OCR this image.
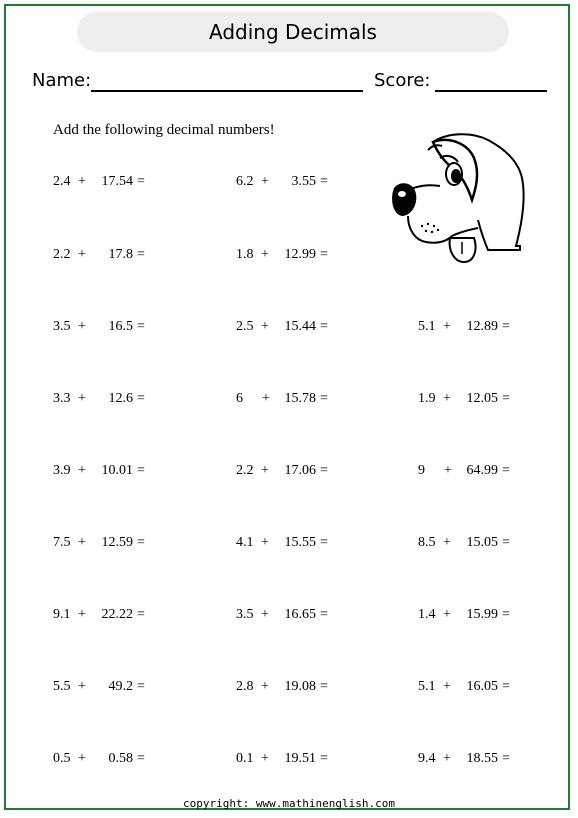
Adding Decimals
Name:	Score:
Add the following decimal numbers!
2.4 + 17.54 =	6.2 + 3.55 =
2.2 + 17.8 =	1.8 + 12.99 =
3.5 + 16.5 =	2.5 + 15.44 =	5.1 + 12.89 =
3.3 + 12.6 =	6 + 15.78 =	1.9 + 12.05 =
3.9 + 10.01 =	2.2 + 17.06 =	9 + 64.99 =
7.5 + 12.59 =	4.1 + 15.55 =	8.5 + 15.05 =
9.1 + 22.22 =	3.5 + 16.65 =	1.4 + 15.99 =
5.5 + 49.2 =	2.8 + 19.08 =	5.1 + 16.05 =
0.5 + 0.58 =	0.1 + 19.51 =	9.4 + 18.55 =
copyright: www.mathinenglish.com
